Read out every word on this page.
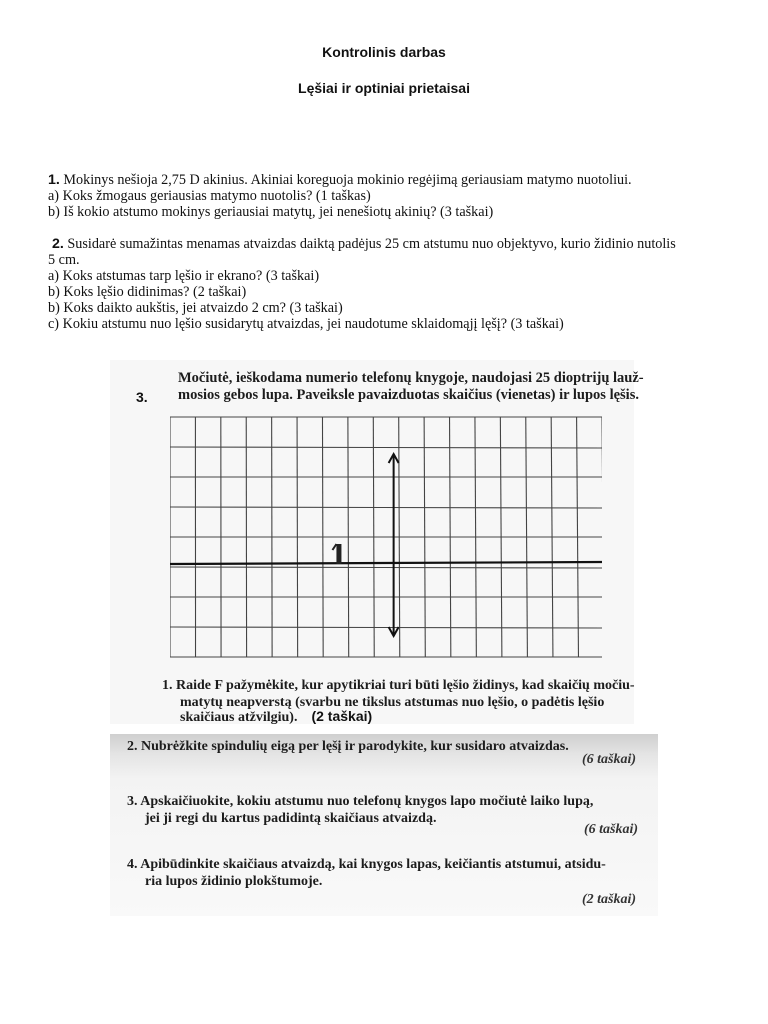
Kontrolinis darbas
Lęšiai ir optiniai prietaisai
1. Mokinys nešioja 2,75 D akinius. Akiniai koreguoja mokinio regėjimą geriausiam matymo nuotoliui.
a) Koks žmogaus geriausias matymo nuotolis? (1 taškas)
b) Iš kokio atstumo mokinys geriausiai matytų, jei nenešiotų akinių? (3 taškai)
2. Susidarė sumažintas menamas atvaizdas daiktą padėjus 25 cm atstumu nuo objektyvo, kurio židinio nutolis
5 cm.
a) Koks atstumas tarp lęšio ir ekrano? (3 taškai)
b) Koks lęšio didinimas? (2 taškai)
b) Koks daikto aukštis, jei atvaizdo 2 cm? (3 taškai)
c) Kokiu atstumu nuo lęšio susidarytų atvaizdas, jei naudotume sklaidomąjį lęšį? (3 taškai)
3.
Močiutė, ieškodama numerio telefonų knygoje, naudojasi 25 dioptrijų lauž-
mosios gebos lupa. Paveiksle pavaizduotas skaičius (vienetas) ir lupos lęšis.
1
1. Raide F pažymėkite, kur apytikriai turi būti lęšio židinys, kad skaičių močiu-
matytų neapverstą (svarbu ne tikslus atstumas nuo lęšio, o padėtis lęšio
skaičiaus atžvilgiu). (2 taškai)
2. Nubrėžkite spindulių eigą per lęšį ir parodykite, kur susidaro atvaizdas.
(6 taškai)
3. Apskaičiuokite, kokiu atstumu nuo telefonų knygos lapo močiutė laiko lupą,
jei ji regi du kartus padidintą skaičiaus atvaizdą.
(6 taškai)
4. Apibūdinkite skaičiaus atvaizdą, kai knygos lapas, keičiantis atstumui, atsidu-
ria lupos židinio plokštumoje.
(2 taškai)
